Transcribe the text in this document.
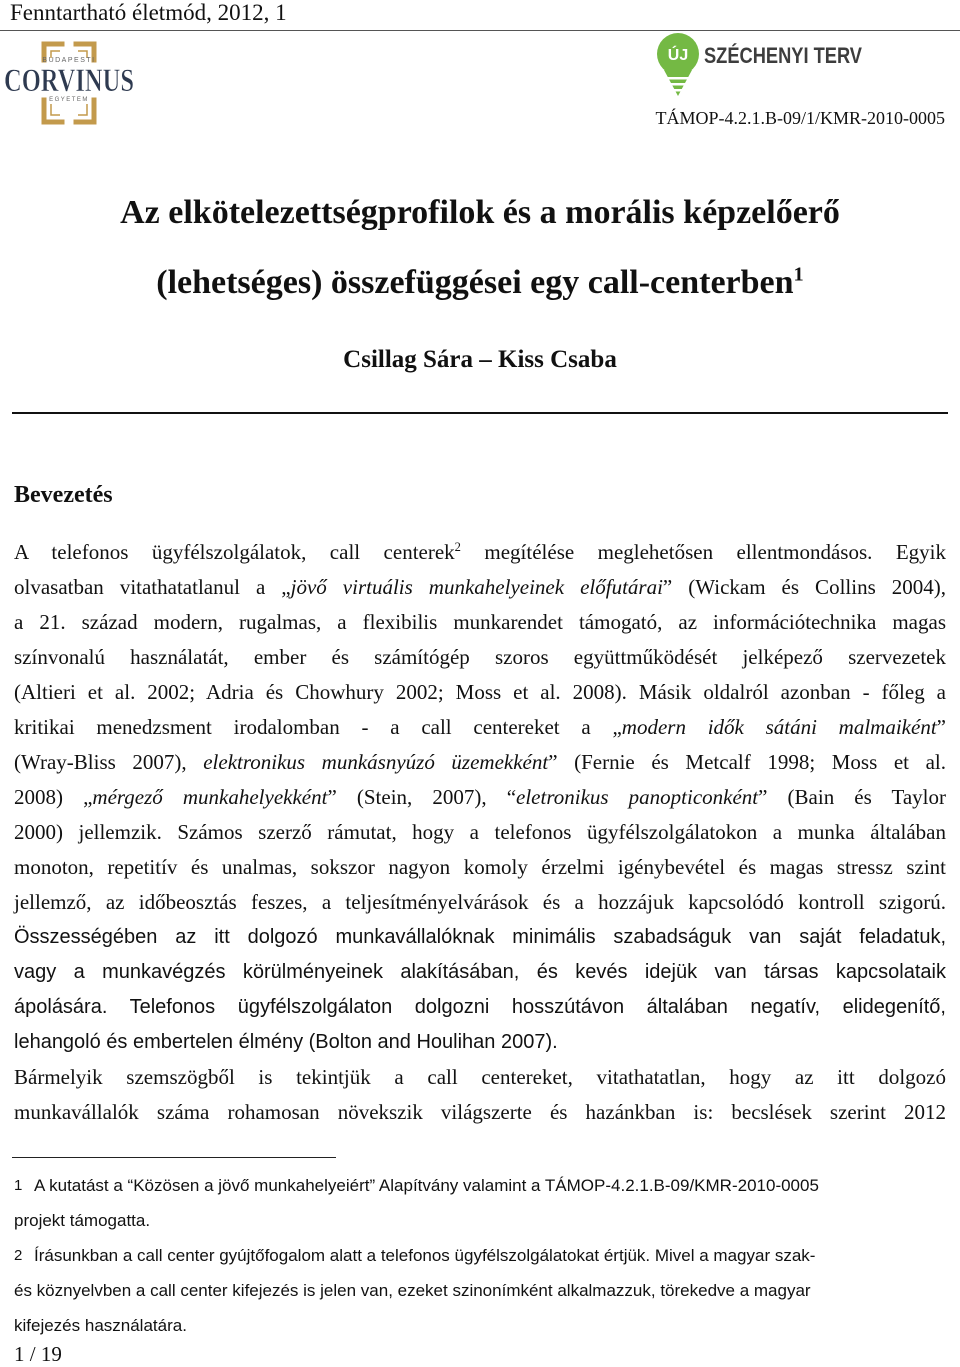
Fenntartható életmód, 2012, 1
BUDAPESTI
CORVINUS
EGYETEM
ÚJ SZÉCHENYI TERV
TÁMOP-4.2.1.B-09/1/KMR-2010-0005
Az elkötelezettségprofilok és a morális képzelőerő
(lehetséges) összefüggései egy call-centerben$^1$
Csillag Sára – Kiss Csaba
Bevezetés
A telefonos ügyfélszolgálatok, call centerek$^2$ megítélése meglehetősen ellentmondásos. Egyik
olvasatban vitathatatlanul a „jövő virtuális munkahelyeinek előfutárai” (Wickam és Collins 2004),
a 21. század modern, rugalmas, a flexibilis munkarendet támogató, az információtechnika magas
színvonalú használatát, ember és számítógép szoros együttműködését jelképező szervezetek
(Altieri et al. 2002; Adria és Chowhury 2002; Moss et al. 2008). Másik oldalról azonban - főleg a
kritikai menedzsment irodalomban - a call centereket a „modern idők sátáni malmaiként”
(Wray-Bliss 2007), elektronikus munkásnyúzó üzemekként” (Fernie és Metcalf 1998; Moss et al.
2008) „mérgező munkahelyekként” (Stein, 2007), “eletronikus panopticonként” (Bain és Taylor
2000) jellemzik. Számos szerző rámutat, hogy a telefonos ügyfélszolgálatokon a munka általában
monoton, repetitív és unalmas, sokszor nagyon komoly érzelmi igénybevétel és magas stressz szint
jellemző, az időbeosztás feszes, a teljesítményelvárások és a hozzájuk kapcsolódó kontroll szigorú.
Összességében az itt dolgozó munkavállalóknak minimális szabadságuk van saját feladatuk,
vagy a munkavégzés körülményeinek alakításában, és kevés idejük van társas kapcsolataik
ápolására. Telefonos ügyfélszolgálaton dolgozni hosszútávon általában negatív, elidegenítő,
lehangoló és embertelen élmény (Bolton and Houlihan 2007).
Bármelyik szemszögből is tekintjük a call centereket, vitathatatlan, hogy az itt dolgozó
munkavállalók száma rohamosan növekszik világszerte és hazánkban is: becslések szerint 2012
1 A kutatást a “Közösen a jövő munkahelyeiért” Alapítvány valamint a TÁMOP-4.2.1.B-09/KMR-2010-0005
projekt támogatta.
2 Írásunkban a call center gyújtőfogalom alatt a telefonos ügyfélszolgálatokat értjük. Mivel a magyar szak-
és köznyelvben a call center kifejezés is jelen van, ezeket szinonímként alkalmazzuk, törekedve a magyar
kifejezés használatára.
1 / 19
